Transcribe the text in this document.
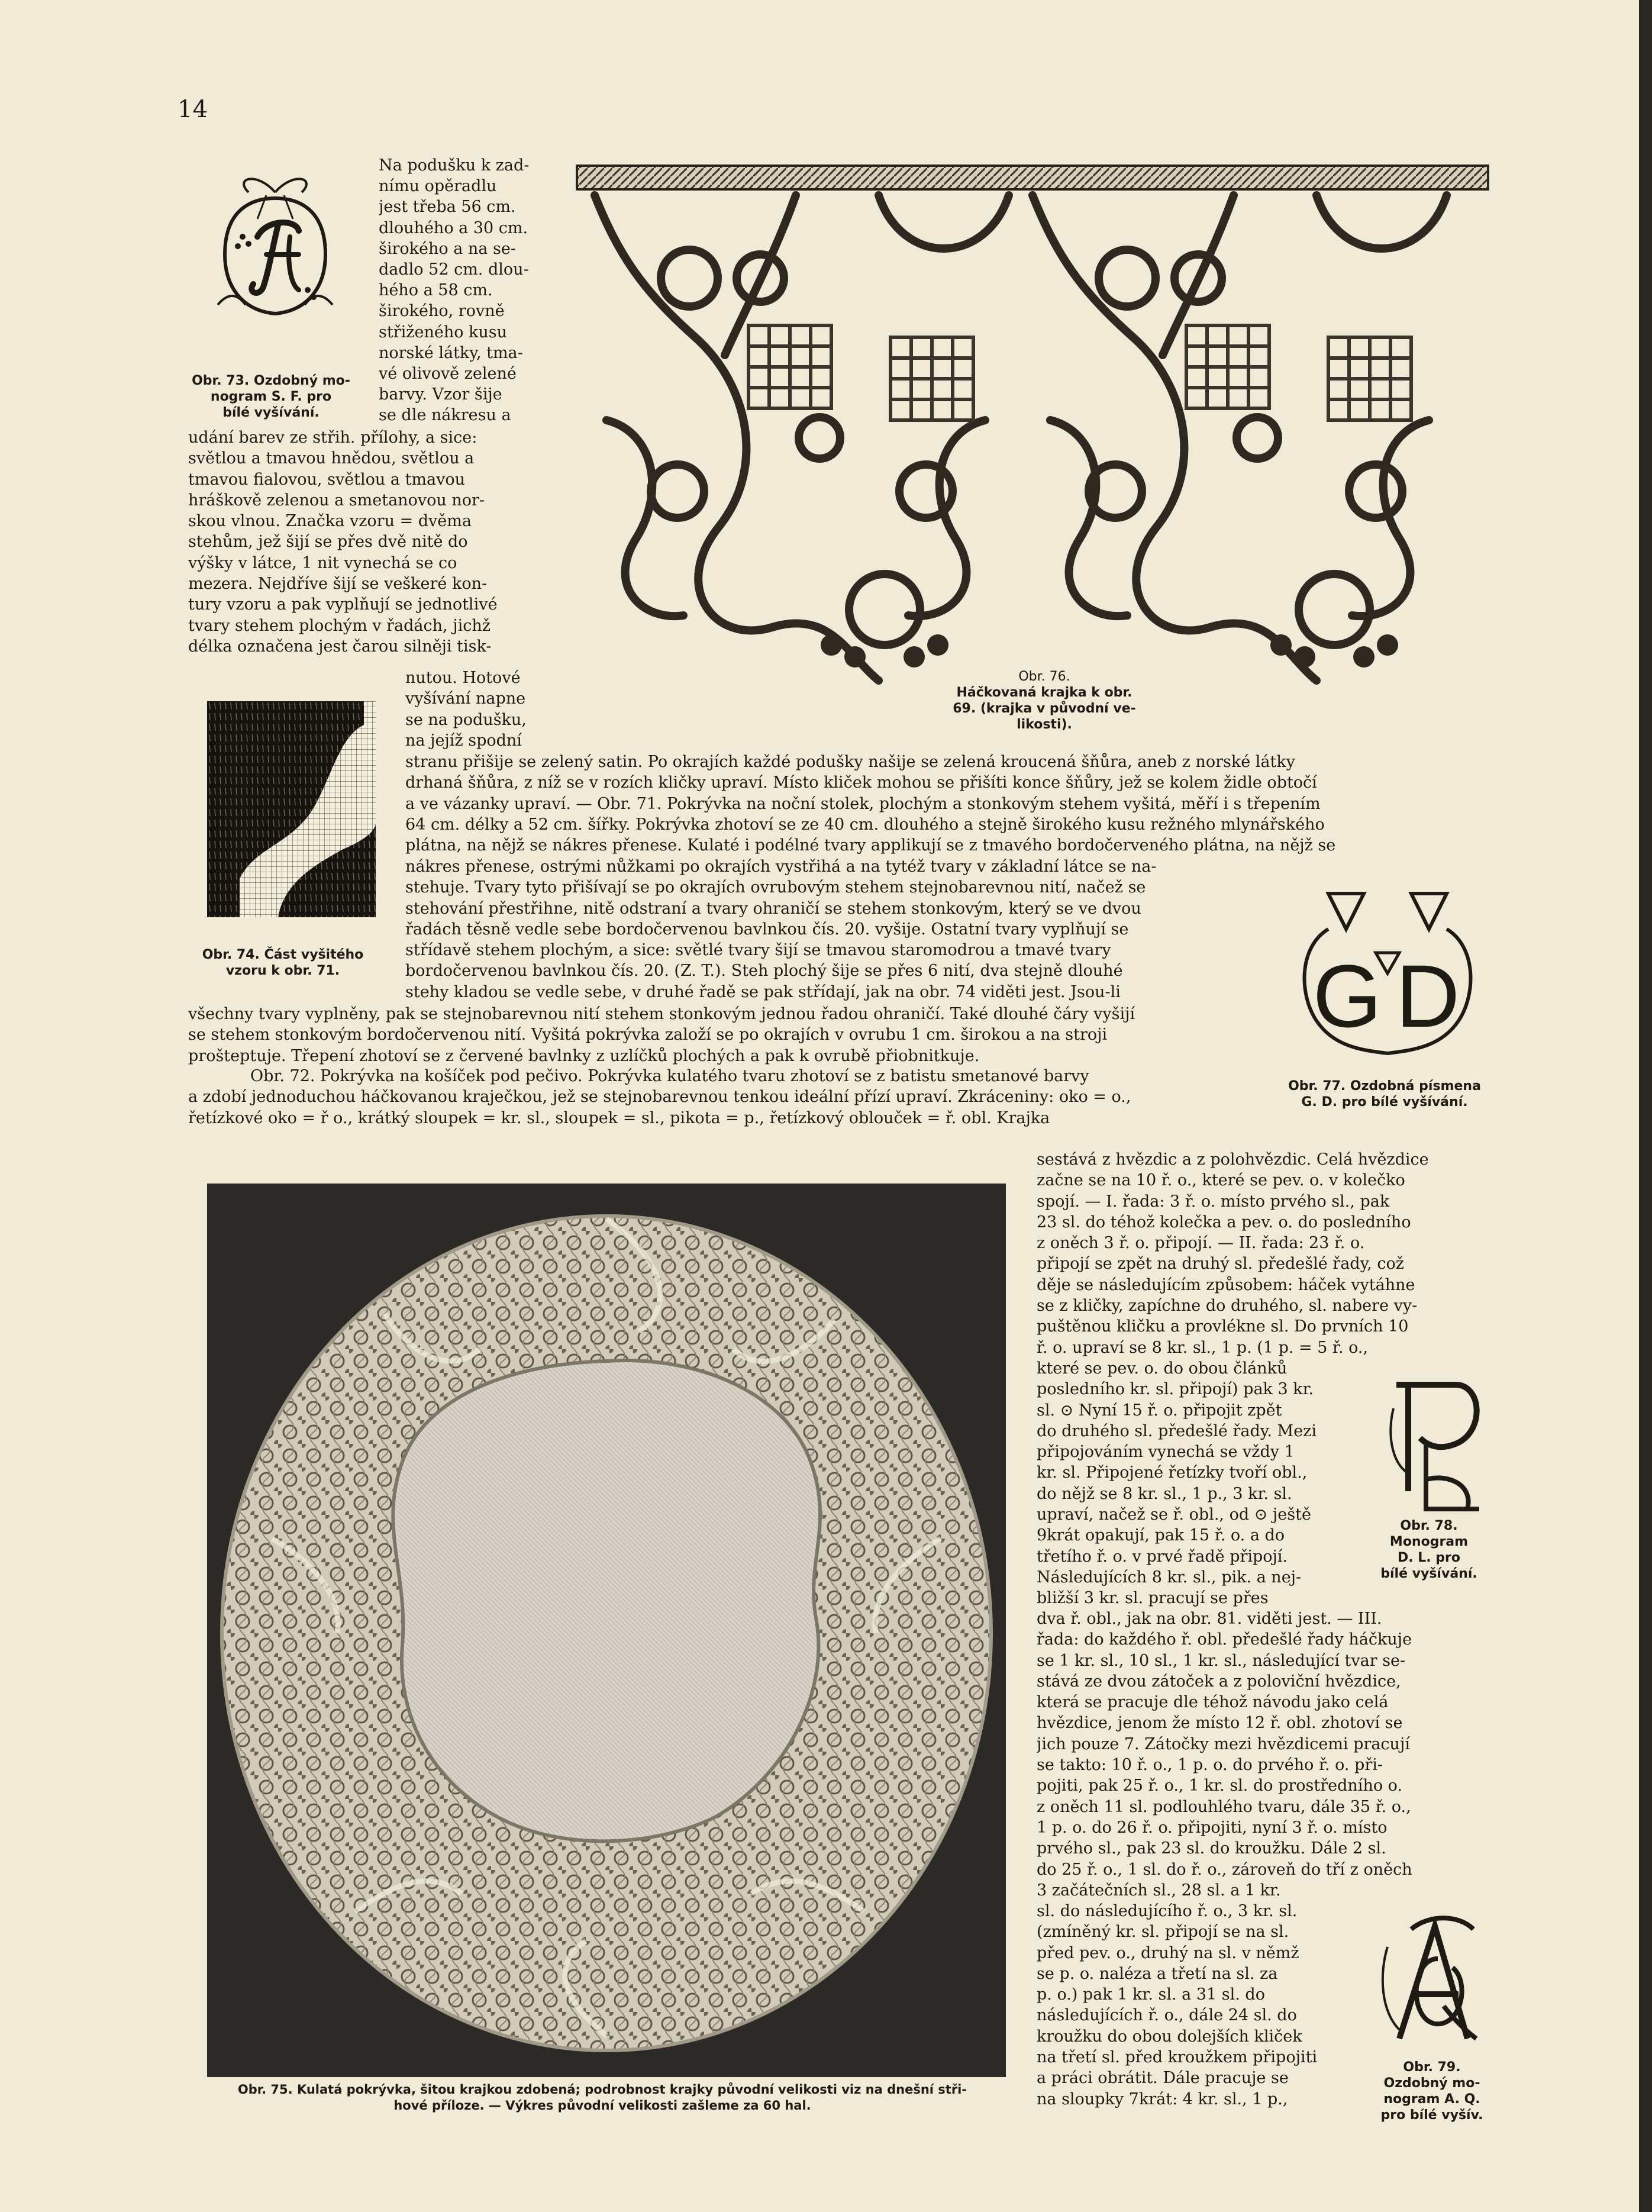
14

Obr. 73. Ozdobný mo-

nogram S. F. pro

bílé vyšívání.

Na podušku k zad-

nímu opěradlu

jest třeba 56 cm.

dlouhého a 30 cm.

širokého a na se-

dadlo 52 cm. dlou-

hého a 58 cm.

širokého, rovně

střiženého kusu

norské látky, tma-

vé olivově zelené

barvy. Vzor šije

se dle nákresu a

udání barev ze střih. přílohy, a sice:

světlou a tmavou hnědou, světlou a

tmavou fialovou, světlou a tmavou

hráškově zelenou a smetanovou nor-

skou vlnou. Značka vzoru = dvěma

stehům, jež šijí se přes dvě nitě do

výšky v látce, 1 nit vynechá se co

mezera. Nejdříve šijí se veškeré kon-

tury vzoru a pak vyplňují se jednotlivé

tvary stehem plochým v řadách, jichž

délka označena jest čarou silněji tisk-

Obr. 74. Část vyšitého

vzoru k obr. 71.

nutou. Hotové

vyšívání napne

se na podušku,

na jejíž spodní

Obr. 76.

Háčkovaná krajka k obr.

69. (krajka v původní ve-

likosti).

stranu přišije se zelený satin. Po okrajích každé podušky našije se zelená kroucená šňůra, aneb z norské látky

drhaná šňůra, z níž se v rozích kličky upraví. Místo kliček mohou se přišíti konce šňůry, jež se kolem židle obtočí

a ve vázanky upraví. — Obr. 71. Pokrývka na noční stolek, plochým a stonkovým stehem vyšitá, měří i s třepením

64 cm. délky a 52 cm. šířky. Pokrývka zhotoví se ze 40 cm. dlouhého a stejně širokého kusu režného mlynářského

plátna, na nějž se nákres přenese. Kulaté i podélné tvary applikují se z tmavého bordočerveného plátna, na nějž se

nákres přenese, ostrými nůžkami po okrajích vystřihá a na tytéž tvary v základní látce se na-

stehuje. Tvary tyto přišívají se po okrajích ovrubovým stehem stejnobarevnou nití, načež se

stehování přestřihne, nitě odstraní a tvary ohraničí se stehem stonkovým, který se ve dvou

řadách těsně vedle sebe bordočervenou bavlnkou čís. 20. vyšije. Ostatní tvary vyplňují se

střídavě stehem plochým, a sice: světlé tvary šijí se tmavou staromodrou a tmavé tvary

bordočervenou bavlnkou čís. 20. (Z. T.). Steh plochý šije se přes 6 nití, dva stejně dlouhé

stehy kladou se vedle sebe, v druhé řadě se pak střídají, jak na obr. 74 viděti jest. Jsou-li	G D

Obr. 77. Ozdobná písmena

G. D. pro bílé vyšívání.

všechny tvary vyplněny, pak se stejnobarevnou nití stehem stonkovým jednou řadou ohraničí. Také dlouhé čáry vyšijí

se stehem stonkovým bordočervenou nití. Vyšitá pokrývka založí se po okrajích v ovrubu 1 cm. širokou a na stroji

prošteptuje. Třepení zhotoví se z červené bavlnky z uzlíčků plochých a pak k ovrubě přiobnitkuje.

Obr. 72. Pokrývka na košíček pod pečivo. Pokrývka kulatého tvaru zhotoví se z batistu smetanové barvy

a zdobí jednoduchou háčkovanou kraječkou, jež se stejnobarevnou tenkou ideální přízí upraví. Zkráceniny: oko = o.,

řetízkové oko = ř o., krátký sloupek = kr. sl., sloupek = sl., pikota = p., řetízkový oblouček = ř. obl. Krajka

Obr. 75. Kulatá pokrývka, šitou krajkou zdobená; podrobnost krajky původní velikosti viz na dnešní stři-

hové příloze. — Výkres původní velikosti zašleme za 60 hal.

sestává z hvězdic a z polohvězdic. Celá hvězdice

začne se na 10 ř. o., které se pev. o. v kolečko

spojí. — I. řada: 3 ř. o. místo prvého sl., pak

23 sl. do téhož kolečka a pev. o. do posledního

z oněch 3 ř. o. připojí. — II. řada: 23 ř. o.

připojí se zpět na druhý sl. předešlé řady, což

děje se následujícím způsobem: háček vytáhne

se z kličky, zapíchne do druhého, sl. nabere vy-

puštěnou kličku a provlékne sl. Do prvních 10

ř. o. upraví se 8 kr. sl., 1 p. (1 p. = 5 ř. o.,

které se pev. o. do obou článků

posledního kr. sl. připojí) pak 3 kr.

sl. ⊙ Nyní 15 ř. o. připojit zpět

do druhého sl. předešlé řady. Mezi

připojováním vynechá se vždy 1

kr. sl. Připojené řetízky tvoří obl.,

do nějž se 8 kr. sl., 1 p., 3 kr. sl.

upraví, načež se ř. obl., od ⊙ ještě

9krát opakují, pak 15 ř. o. a do

třetího ř. o. v prvé řadě připojí.

Následujících 8 kr. sl., pik. a nej-

bližší 3 kr. sl. pracují se přes

Obr. 78.

Monogram

D. L. pro

bílé vyšívání.

dva ř. obl., jak na obr. 81. viděti jest. — III.

řada: do každého ř. obl. předešlé řady háčkuje

se 1 kr. sl., 10 sl., 1 kr. sl., následující tvar se-

stává ze dvou zátoček a z poloviční hvězdice,

která se pracuje dle téhož návodu jako celá

hvězdice, jenom že místo 12 ř. obl. zhotoví se

jich pouze 7. Zátočky mezi hvězdicemi pracují

se takto: 10 ř. o., 1 p. o. do prvého ř. o. při-

pojiti, pak 25 ř. o., 1 kr. sl. do prostředního o.

z oněch 11 sl. podlouhlého tvaru, dále 35 ř. o.,

1 p. o. do 26 ř. o. připojiti, nyní 3 ř. o. místo

prvého sl., pak 23 sl. do kroužku. Dále 2 sl.

do 25 ř. o., 1 sl. do ř. o., zároveň do tří z oněch

3 začátečních sl., 28 sl. a 1 kr.

sl. do následujícího ř. o., 3 kr. sl.

(zmíněný kr. sl. připojí se na sl.

před pev. o., druhý na sl. v němž

se p. o. naléza a třetí na sl. za

p. o.) pak 1 kr. sl. a 31 sl. do

následujících ř. o., dále 24 sl. do

kroužku do obou dolejších kliček

na třetí sl. před kroužkem připojiti

a práci obrátit. Dále pracuje se

na sloupky 7krát: 4 kr. sl., 1 p.,

Obr. 79.

Ozdobný mo-

nogram A. Q.

pro bílé vyšív.
